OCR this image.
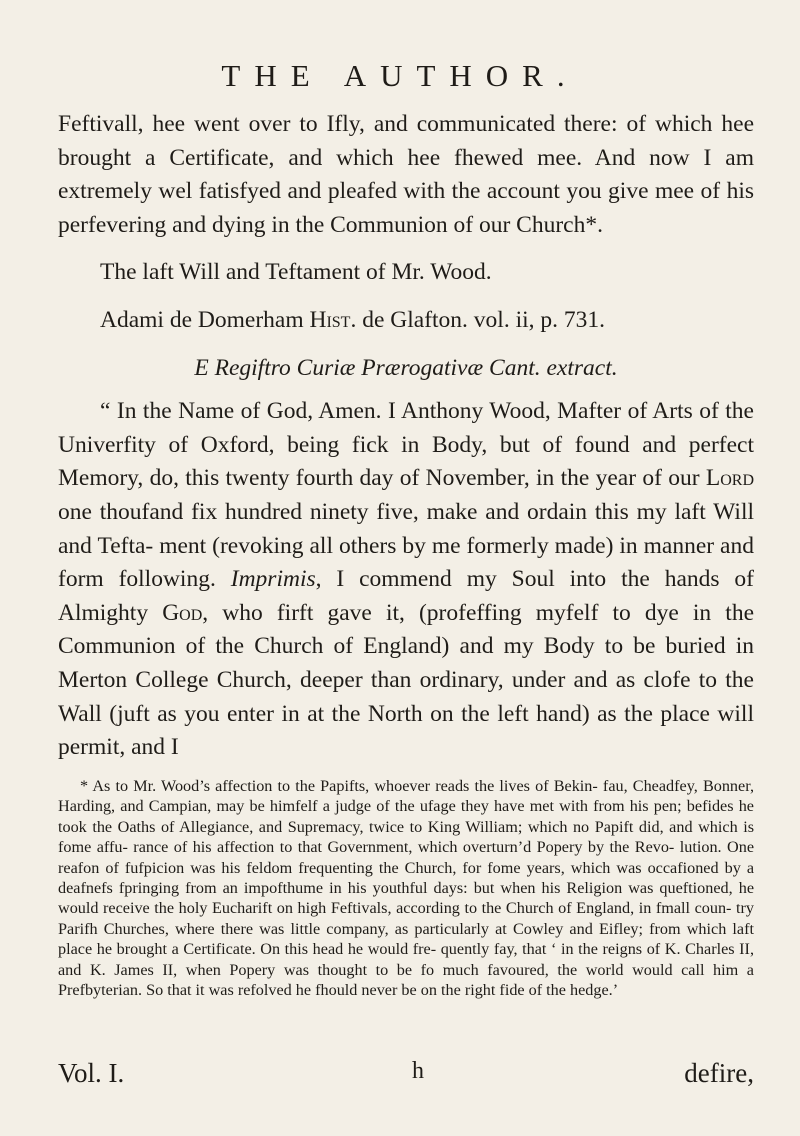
THE AUTHOR.

Feftivall, hee went over to Ifly, and communicated there: of which hee brought a Certificate, and which hee fhewed mee. And now I am extremely wel fatisfyed and pleafed with the account you give mee of his perfevering and dying in the Communion of our Church*.

The laft Will and Teftament of Mr. Wood.

Adami de Domerham Hist. de Glafton. vol. ii, p. 731.

E Regiftro Curiæ Prærogativæ Cant. extract.

“ In the Name of God, Amen. I Anthony Wood, Mafter of Arts of the Univerfity of Oxford, being fick in Body, but of found and perfect Memory, do, this twenty fourth day of November, in the year of our Lord one thoufand fix hundred ninety five, make and ordain this my laft Will and Tefta- ment (revoking all others by me formerly made) in manner and form following. Imprimis, I commend my Soul into the hands of Almighty God, who firft gave it, (profeffing myfelf to dye in the Communion of the Church of England) and my Body to be buried in Merton College Church, deeper than ordinary, under and as clofe to the Wall (juft as you enter in at the North on the left hand) as the place will permit, and I

* As to Mr. Wood’s affection to the Papifts, whoever reads the lives of Bekin- fau, Cheadfey, Bonner, Harding, and Campian, may be himfelf a judge of the ufage they have met with from his pen; befides he took the Oaths of Allegiance, and Supremacy, twice to King William; which no Papift did, and which is fome affu- rance of his affection to that Government, which overturn’d Popery by the Revo- lution. One reafon of fufpicion was his feldom frequenting the Church, for fome years, which was occafioned by a deafnefs fpringing from an impofthume in his youthful days: but when his Religion was queftioned, he would receive the holy Eucharift on high Feftivals, according to the Church of England, in fmall coun- try Parifh Churches, where there was little company, as particularly at Cowley and Eifley; from which laft place he brought a Certificate. On this head he would fre- quently fay, that ‘ in the reigns of K. Charles II, and K. James II, when Popery was thought to be fo much favoured, the world would call him a Prefbyterian. So that it was refolved he fhould never be on the right fide of the hedge.’
Vol. I.	h	defire,
